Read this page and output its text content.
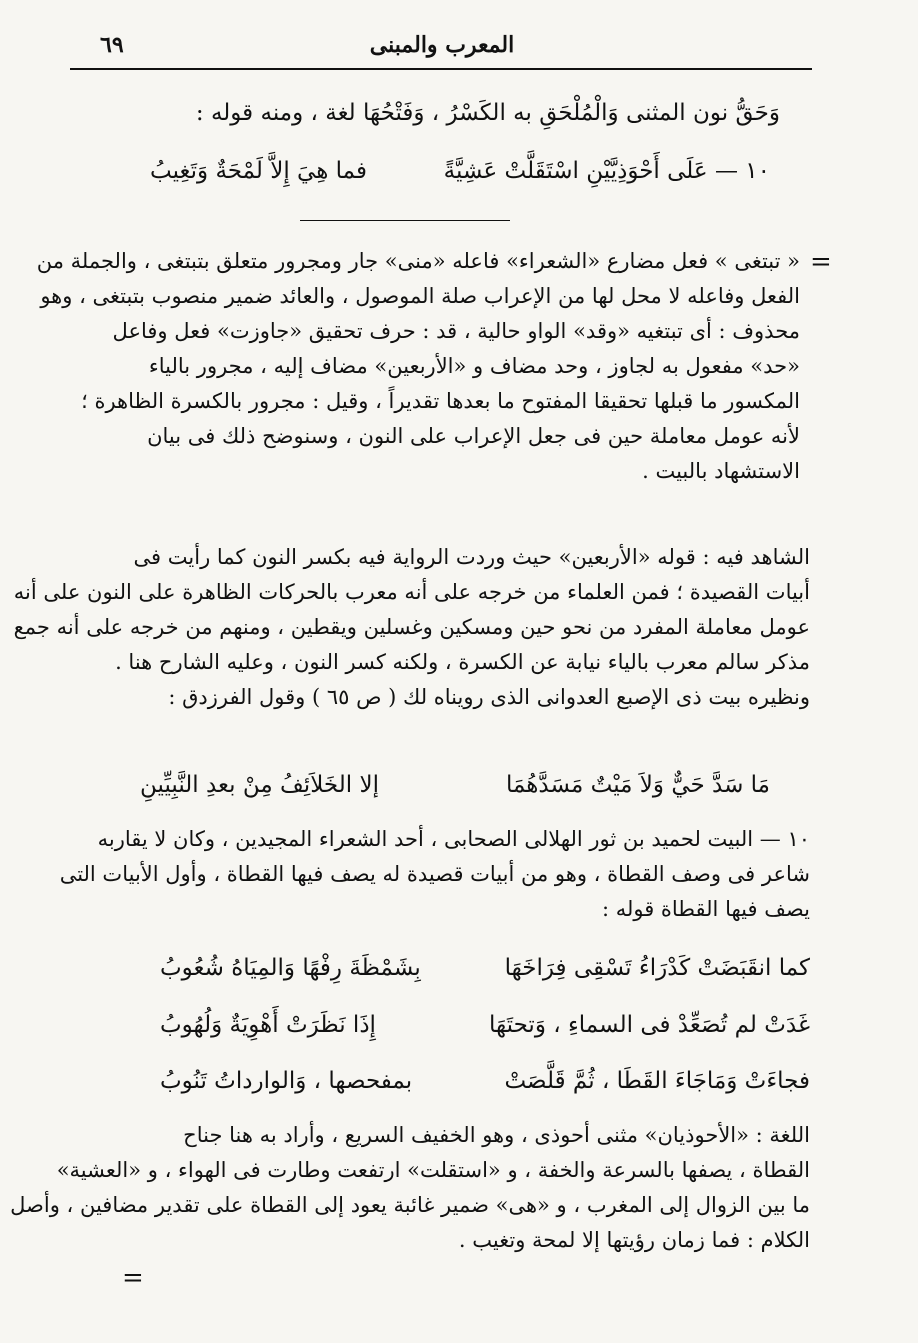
المعرب والمبنى
٦٩
وَحَقُّ نون المثنى وَالْمُلْحَقِ به الكَسْرُ ، وَفَتْحُهَا لغة ، ومنه قوله :
١٠ — عَلَى أَحْوَذِيَّيْنِ اسْتَقَلَّتْ عَشِيَّةً
فما هِيَ إِلاَّ لَمْحَةٌ وَتَغِيبُ
=
« تبتغى » فعل مضارع «الشعراء» فاعله «منى» جار ومجرور متعلق بتبتغى ، والجملة من
الفعل وفاعله لا محل لها من الإعراب صلة الموصول ، والعائد ضمير منصوب بتبتغى ، وهو
محذوف : أى تبتغيه «وقد» الواو حالية ، قد : حرف تحقيق «جاوزت» فعل وفاعل
«حد» مفعول به لجاوز ، وحد مضاف و «الأربعين» مضاف إليه ، مجرور بالياء
المكسور ما قبلها تحقيقا المفتوح ما بعدها تقديراً ، وقيل : مجرور بالكسرة الظاهرة ؛
لأنه عومل معاملة حين فى جعل الإعراب على النون ، وسنوضح ذلك فى بيان
الاستشهاد بالبيت .
الشاهد فيه : قوله «الأربعين» حيث وردت الرواية فيه بكسر النون كما رأيت فى
أبيات القصيدة ؛ فمن العلماء من خرجه على أنه معرب بالحركات الظاهرة على النون على أنه
عومل معاملة المفرد من نحو حين ومسكين وغسلين ويقطين ، ومنهم من خرجه على أنه جمع
مذكر سالم معرب بالياء نيابة عن الكسرة ، ولكنه كسر النون ، وعليه الشارح هنا .
ونظيره بيت ذى الإصبع العدوانى الذى رويناه لك ( ص ٦٥ ) وقول الفرزدق :
مَا سَدَّ حَيٌّ وَلاَ مَيْتٌ مَسَدَّهُمَا
إلا الخَلاَئِفُ مِنْ بعدِ النَّبِيِّينِ
١٠ — البيت لحميد بن ثور الهلالى الصحابى ، أحد الشعراء المجيدين ، وكان لا يقاربه
شاعر فى وصف القطاة ، وهو من أبيات قصيدة له يصف فيها القطاة ، وأول الأبيات التى
يصف فيها القطاة قوله :
كما انقَبَضَتْ كَدْرَاءُ تَسْقِى فِرَاخَهَا
بِشَمْظَةَ رِفْهًا وَالمِيَاهُ شُعُوبُ
غَدَتْ لم تُصَعِّدْ فى السماءِ ، وَتحتَهَا
إِذَا نَظَرَتْ أَهْوِيَةٌ وَلُهُوبُ
فجاءَتْ وَمَاجَاءَ القَطَا ، ثُمَّ قَلَّصَتْ
بمفحصها ، وَالوارداتُ تَنُوبُ
اللغة : «الأحوذيان» مثنى أحوذى ، وهو الخفيف السريع ، وأراد به هنا جناح
القطاة ، يصفها بالسرعة والخفة ، و «استقلت» ارتفعت وطارت فى الهواء ، و «العشية»
ما بين الزوال إلى المغرب ، و «هى» ضمير غائبة يعود إلى القطاة على تقدير مضافين ، وأصل
الكلام : فما زمان رؤيتها إلا لمحة وتغيب .
=
